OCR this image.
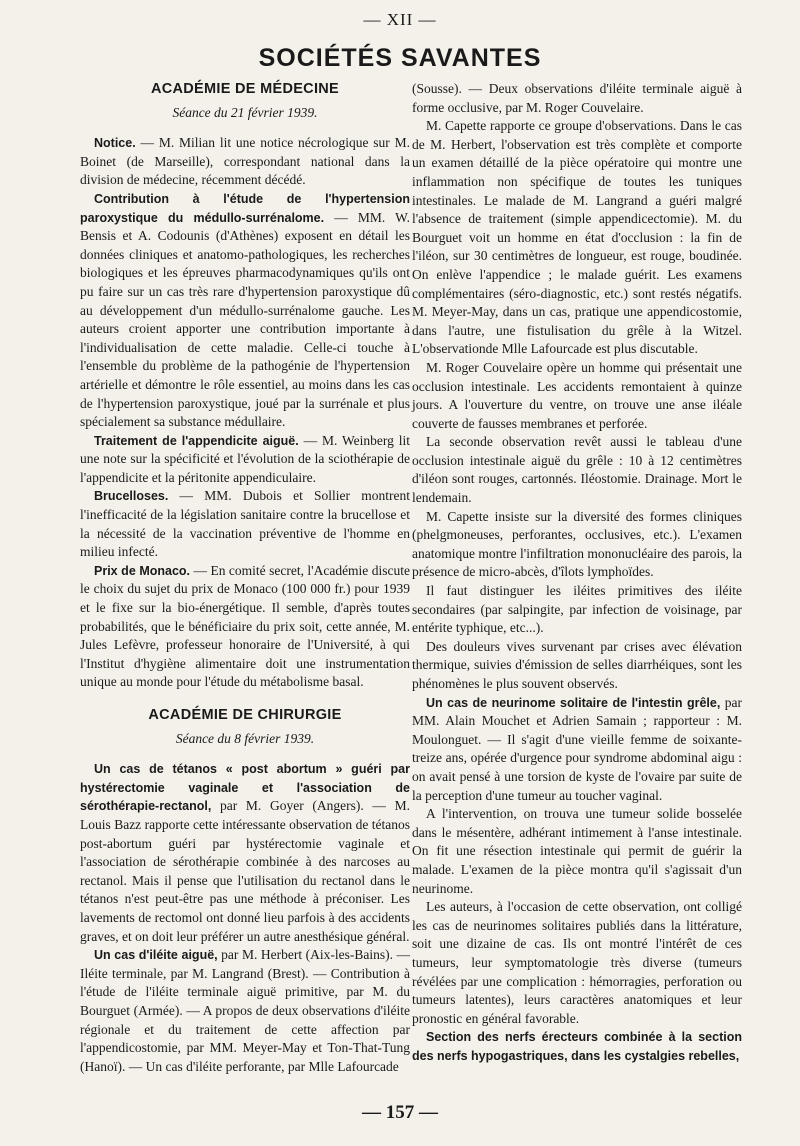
— XII —
SOCIÉTÉS SAVANTES
ACADÉMIE DE MÉDECINE

Séance du 21 février 1939.

Notice. — M. Milian lit une notice nécrologique sur M. Boinet (de Marseille), correspondant national dans la division de médecine, récemment décédé.

Contribution à l'étude de l'hypertension paroxystique du médullo-surrénalome. — MM. W. Bensis et A. Codounis (d'Athènes) exposent en détail les données cliniques et anatomo-pathologiques, les recherches biologiques et les épreuves pharmacodynamiques qu'ils ont pu faire sur un cas très rare d'hypertension paroxystique dû au développement d'un médullo-surrénalome gauche. Les auteurs croient apporter une contribution importante à l'individualisation de cette maladie. Celle-ci touche à l'ensemble du problème de la pathogénie de l'hypertension artérielle et démontre le rôle essentiel, au moins dans les cas de l'hypertension paroxystique, joué par la surrénale et plus spécialement sa substance médullaire.

Traitement de l'appendicite aiguë. — M. Weinberg lit une note sur la spécificité et l'évolution de la sciothérapie de l'appendicite et la péritonite appendiculaire.

Brucelloses. — MM. Dubois et Sollier montrent l'inefficacité de la législation sanitaire contre la brucellose et la nécessité de la vaccination préventive de l'homme en milieu infecté.

Prix de Monaco. — En comité secret, l'Académie discute le choix du sujet du prix de Monaco (100 000 fr.) pour 1939 et le fixe sur la bio-énergétique. Il semble, d'après toutes probabilités, que le bénéficiaire du prix soit, cette année, M. Jules Lefèvre, professeur honoraire de l'Université, à qui l'Institut d'hygiène alimentaire doit une instrumentation unique au monde pour l'étude du métabolisme basal.

ACADÉMIE DE CHIRURGIE

Séance du 8 février 1939.

Un cas de tétanos « post abortum » guéri par hystérectomie vaginale et l'association de sérothérapie-rectanol, par M. Goyer (Angers). — M. Louis Bazz rapporte cette intéressante observation de tétanos post-abortum guéri par hystérectomie vaginale et l'association de sérothérapie combinée à des narcoses au rectanol. Mais il pense que l'utilisation du rectanol dans le tétanos n'est peut-être pas une méthode à préconiser. Les lavements de rectomol ont donné lieu parfois à des accidents graves, et on doit leur préférer un autre anesthésique général.

Un cas d'iléite aiguë, par M. Herbert (Aix-les-Bains). — Iléite terminale, par M. Langrand (Brest). — Contribution à l'étude de l'iléite terminale aiguë primitive, par M. du Bourguet (Armée). — A propos de deux observations d'iléite régionale et du traitement de cette affection par l'appendicostomie, par MM. Meyer-May et Ton-That-Tung (Hanoï). — Un cas d'iléite perforante, par Mlle Lafourcade

(Sousse). — Deux observations d'iléite terminale aiguë à forme occlusive, par M. Roger Couvelaire.

M. Capette rapporte ce groupe d'observations. Dans le cas de M. Herbert, l'observation est très complète et comporte un examen détaillé de la pièce opératoire qui montre une inflammation non spécifique de toutes les tuniques intestinales. Le malade de M. Langrand a guéri malgré l'absence de traitement (simple appendicectomie). M. du Bourguet voit un homme en état d'occlusion : la fin de l'iléon, sur 30 centimètres de longueur, est rouge, boudinée. On enlève l'appendice ; le malade guérit. Les examens complémentaires (séro-diagnostic, etc.) sont restés négatifs. M. Meyer-May, dans un cas, pratique une appendicostomie, dans l'autre, une fistulisation du grêle à la Witzel. L'observationde Mlle Lafourcade est plus discutable.

M. Roger Couvelaire opère un homme qui présentait une occlusion intestinale. Les accidents remontaient à quinze jours. A l'ouverture du ventre, on trouve une anse iléale couverte de fausses membranes et perforée.

La seconde observation revêt aussi le tableau d'une occlusion intestinale aiguë du grêle : 10 à 12 centimètres d'iléon sont rouges, cartonnés. Iléostomie. Drainage. Mort le lendemain.

M. Capette insiste sur la diversité des formes cliniques (phelgmoneuses, perforantes, occlusives, etc.). L'examen anatomique montre l'infiltration mononucléaire des parois, la présence de micro-abcès, d'îlots lymphoïdes.

Il faut distinguer les iléites primitives des iléite secondaires (par salpingite, par infection de voisinage, par entérite typhique, etc...).

Des douleurs vives survenant par crises avec élévation thermique, suivies d'émission de selles diarrhéiques, sont les phénomènes le plus souvent observés.

Un cas de neurinome solitaire de l'intestin grêle, par MM. Alain Mouchet et Adrien Samain ; rapporteur : M. Moulonguet. — Il s'agit d'une vieille femme de soixante-treize ans, opérée d'urgence pour syndrome abdominal aigu : on avait pensé à une torsion de kyste de l'ovaire par suite de la perception d'une tumeur au toucher vaginal.

A l'intervention, on trouva une tumeur solide bosselée dans le mésentère, adhérant intimement à l'anse intestinale. On fit une résection intestinale qui permit de guérir la malade. L'examen de la pièce montra qu'il s'agissait d'un neurinome.

Les auteurs, à l'occasion de cette observation, ont colligé les cas de neurinomes solitaires publiés dans la littérature, soit une dizaine de cas. Ils ont montré l'intérêt de ces tumeurs, leur symptomatologie très diverse (tumeurs révélées par une complication : hémorragies, perforation ou tumeurs latentes), leurs caractères anatomiques et leur pronostic en général favorable.

Section des nerfs érecteurs combinée à la section des nerfs hypogastriques, dans les cystalgies rebelles,

— 157 —
